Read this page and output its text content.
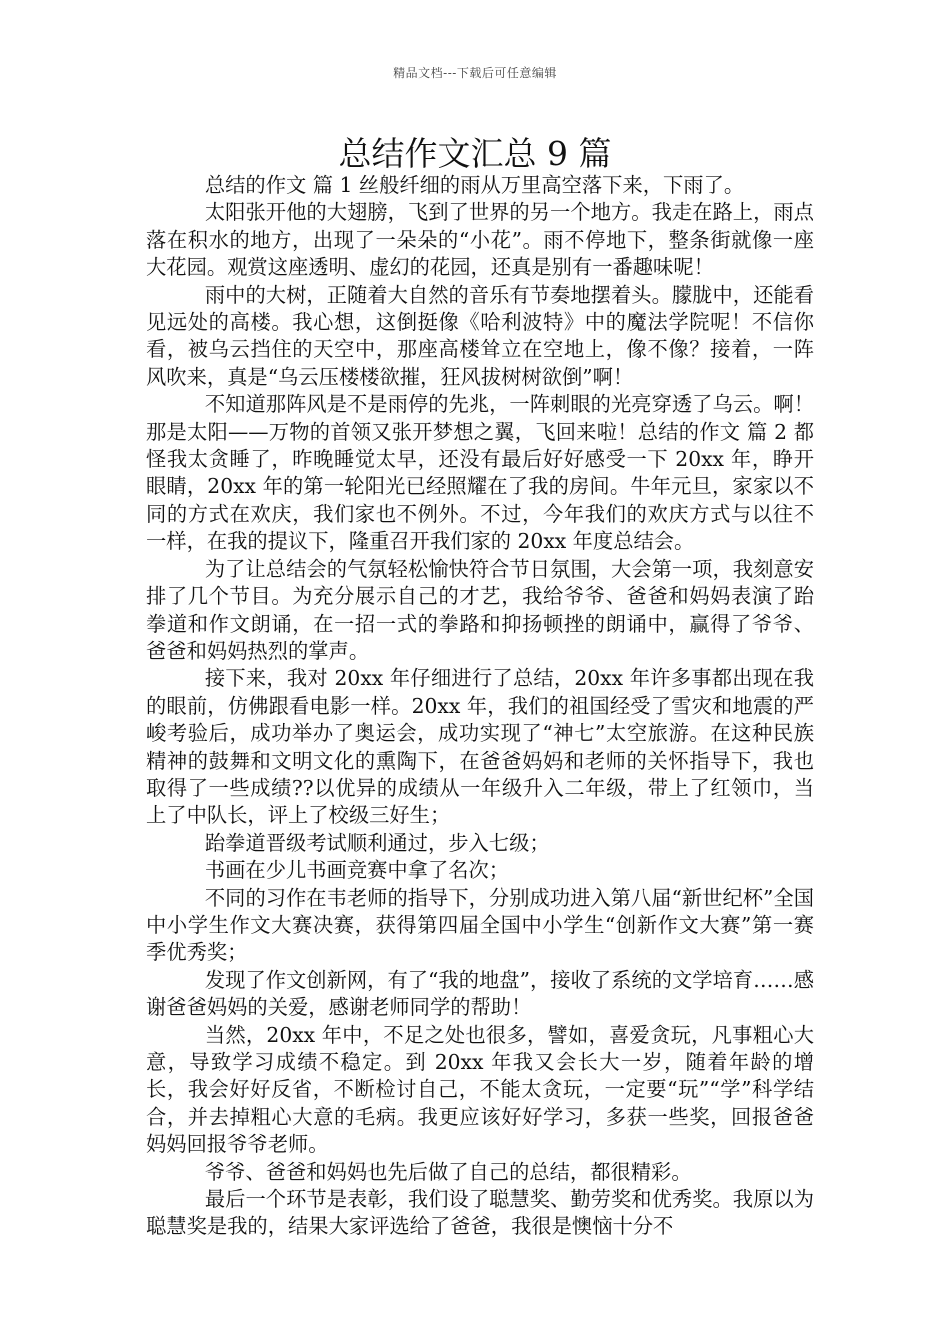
精品文档---下载后可任意编辑
总结作文汇总 9 篇

总结的作文 篇 1 丝般纤细的雨从万里高空落下来，下雨了。

太阳张开他的大翅膀，飞到了世界的另一个地方。我走在路上，雨点落在积水的地方，出现了一朵朵的“小花”。雨不停地下，整条街就像一座大花园。观赏这座透明、虚幻的花园，还真是别有一番趣味呢！

雨中的大树，正随着大自然的音乐有节奏地摆着头。朦胧中，还能看见远处的高楼。我心想，这倒挺像《哈利波特》中的魔法学院呢！不信你看，被乌云挡住的天空中，那座高楼耸立在空地上，像不像？接着，一阵风吹来，真是“乌云压楼楼欲摧，狂风拔树树欲倒”啊！

不知道那阵风是不是雨停的先兆，一阵刺眼的光亮穿透了乌云。啊！那是太阳——万物的首领又张开梦想之翼，飞回来啦！总结的作文 篇 2 都怪我太贪睡了，昨晚睡觉太早，还没有最后好好感受一下 20xx 年，睁开眼睛，20xx 年的第一轮阳光已经照耀在了我的房间。牛年元旦，家家以不同的方式在欢庆，我们家也不例外。不过，今年我们的欢庆方式与以往不一样，在我的提议下，隆重召开我们家的 20xx 年度总结会。

为了让总结会的气氛轻松愉快符合节日氛围，大会第一项，我刻意安排了几个节目。为充分展示自己的才艺，我给爷爷、爸爸和妈妈表演了跆拳道和作文朗诵，在一招一式的拳路和抑扬顿挫的朗诵中，赢得了爷爷、爸爸和妈妈热烈的掌声。

接下来，我对 20xx 年仔细进行了总结，20xx 年许多事都出现在我的眼前，仿佛跟看电影一样。20xx 年，我们的祖国经受了雪灾和地震的严峻考验后，成功举办了奥运会，成功实现了“神七”太空旅游。在这种民族精神的鼓舞和文明文化的熏陶下，在爸爸妈妈和老师的关怀指导下，我也取得了一些成绩??以优异的成绩从一年级升入二年级，带上了红领巾，当上了中队长，评上了校级三好生；

跆拳道晋级考试顺利通过，步入七级；

书画在少儿书画竞赛中拿了名次；

不同的习作在韦老师的指导下，分别成功进入第八届“新世纪杯”全国中小学生作文大赛决赛，获得第四届全国中小学生“创新作文大赛”第一赛季优秀奖；

发现了作文创新网，有了“我的地盘”，接收了系统的文学培育……感谢爸爸妈妈的关爱，感谢老师同学的帮助！

当然，20xx 年中，不足之处也很多，譬如，喜爱贪玩，凡事粗心大意，导致学习成绩不稳定。到 20xx 年我又会长大一岁，随着年龄的增长，我会好好反省，不断检讨自己，不能太贪玩，一定要“玩”“学”科学结合，并去掉粗心大意的毛病。我更应该好好学习，多获一些奖，回报爸爸妈妈回报爷爷老师。

爷爷、爸爸和妈妈也先后做了自己的总结，都很精彩。

最后一个环节是表彰，我们设了聪慧奖、勤劳奖和优秀奖。我原以为聪慧奖是我的，结果大家评选给了爸爸，我很是懊恼十分不
